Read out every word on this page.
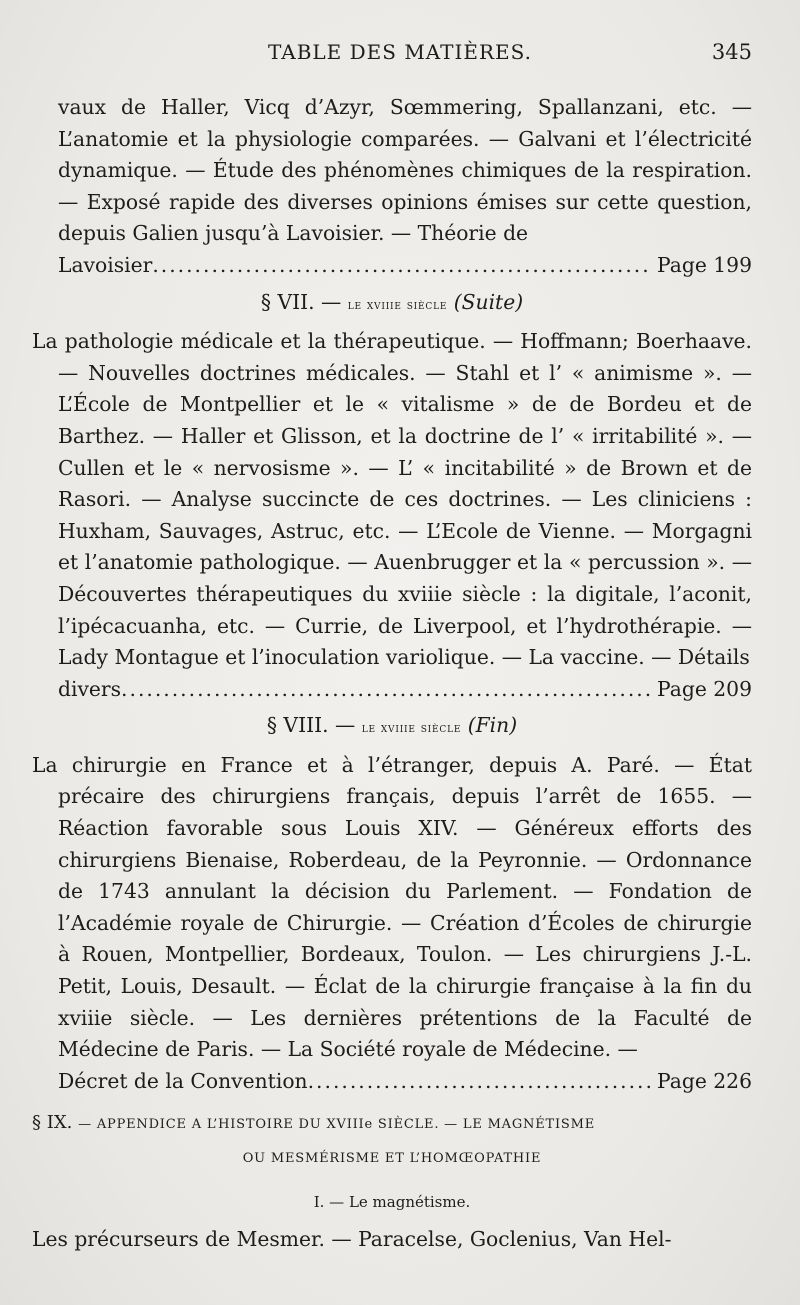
TABLE DES MATIÈRES.	345
vaux de Haller, Vicq d’Azyr, Sœmmering, Spallanzani, etc. — L’anatomie et la physiologie comparées. — Galvani et l’électricité dynamique. — Étude des phénomènes chimiques de la respiration. — Exposé rapide des diverses opinions émises sur cette question, depuis Galien jusqu’à Lavoisier. — Théorie de
Lavoisier .....	Page 199
§ VII. — le xviiie siècle (Suite)
La pathologie médicale et la thérapeutique. — Hoffmann; Boerhaave. — Nouvelles doctrines médicales. — Stahl et l’ « animisme ». — L’École de Montpellier et le « vitalisme » de de Bordeu et de Barthez. — Haller et Glisson, et la doctrine de l’ « irritabilité ». — Cullen et le « nervosisme ». — L’ « incitabilité » de Brown et de Rasori. — Analyse succincte de ces doctrines. — Les cliniciens : Huxham, Sauvages, Astruc, etc. — L’Ecole de Vienne. — Morgagni et l’anatomie pathologique. — Auenbrugger et la « percussion ». — Découvertes thérapeutiques du xviiie siècle : la digitale, l’aconit, l’ipécacuanha, etc. — Currie, de Liverpool, et l’hydrothérapie. — Lady Montague et l’inoculation variolique. — La vaccine. — Détails
divers .....	Page 209
§ VIII. — le xviiie siècle (Fin)
La chirurgie en France et à l’étranger, depuis A. Paré. — État précaire des chirurgiens français, depuis l’arrêt de 1655. — Réaction favorable sous Louis XIV. — Généreux efforts des chirurgiens Bienaise, Roberdeau, de la Peyronnie. — Ordonnance de 1743 annulant la décision du Parlement. — Fondation de l’Académie royale de Chirurgie. — Création d’Écoles de chirurgie à Rouen, Montpellier, Bordeaux, Toulon. — Les chirurgiens J.-L. Petit, Louis, Desault. — Éclat de la chirurgie française à la fin du xviiie siècle. — Les dernières prétentions de la Faculté de Médecine de Paris. — La Société royale de Médecine. —
Décret de la Convention .....	Page 226
§ IX. — APPENDICE A L’HISTOIRE DU XVIIIe SIÈCLE. — LE MAGNÉTISME
OU MESMÉRISME ET L’HOMŒOPATHIE
I. — Le magnétisme.
Les précurseurs de Mesmer. — Paracelse, Goclenius, Van Hel-
